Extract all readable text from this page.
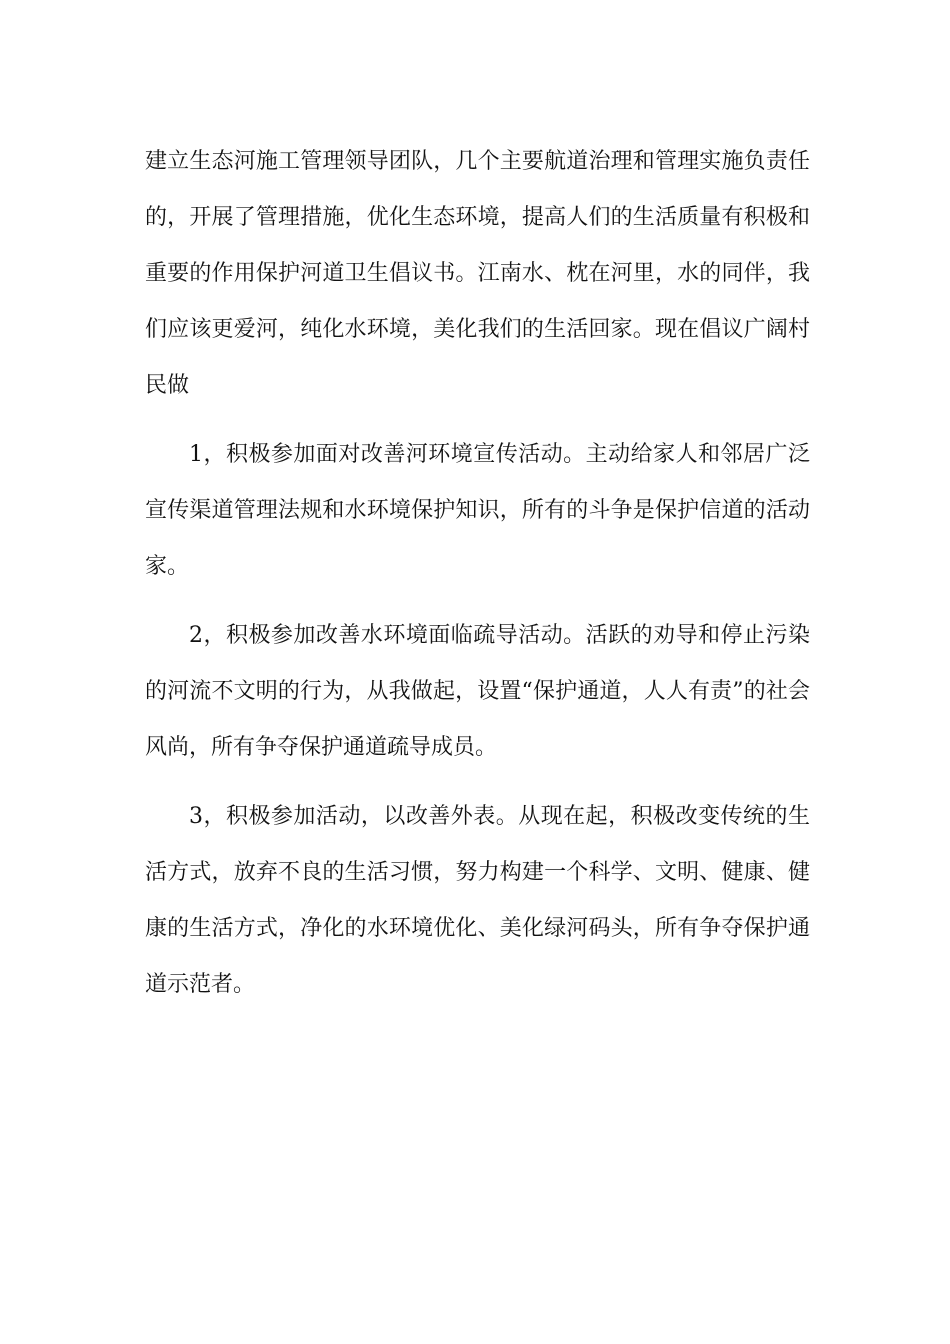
建立生态河施工管理领导团队，几个主要航道治理和管理实施负责任的，开展了管理措施，优化生态环境，提高人们的生活质量有积极和重要的作用保护河道卫生倡议书。江南水、枕在河里，水的同伴，我们应该更爱河，纯化水环境，美化我们的生活回家。现在倡议广阔村民做

1，积极参加面对改善河环境宣传活动。主动给家人和邻居广泛宣传渠道管理法规和水环境保护知识，所有的斗争是保护信道的活动家。

2，积极参加改善水环境面临疏导活动。活跃的劝导和停止污染的河流不文明的行为，从我做起，设置“保护通道，人人有责”的社会风尚，所有争夺保护通道疏导成员。

3，积极参加活动，以改善外表。从现在起，积极改变传统的生活方式，放弃不良的生活习惯，努力构建一个科学、文明、健康、健康的生活方式，净化的水环境优化、美化绿河码头，所有争夺保护通道示范者。
